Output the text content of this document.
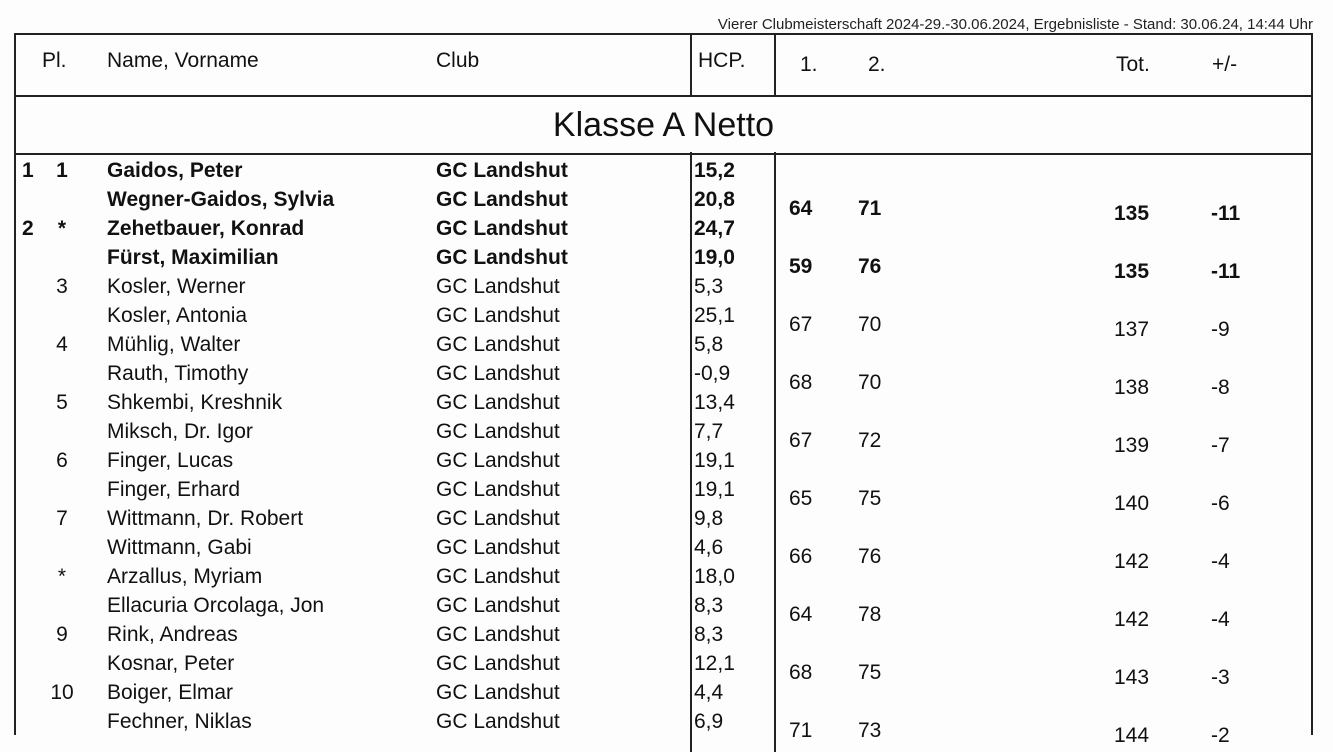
Vierer Clubmeisterschaft 2024-29.-30.06.2024, Ergebnisliste - Stand: 30.06.24, 14:44 Uhr
Pl. Name, Vorname	Club	HCP.	1. 2.	Tot.	+/-
Klasse A Netto
1 1 Gaidos, Peter	GC Landshut	15,2
Wegner-Gaidos, Sylvia	GC Landshut	20,8	64 71	135	-11
2	*	Zehetbauer, Konrad	GC Landshut	24,7
Fürst, Maximilian	GC Landshut	19,0	59 76	135	-11
3 Kosler, Werner	GC Landshut	5,3
Kosler, Antonia	GC Landshut	25,1	67 70	137	-9
4 Mühlig, Walter	GC Landshut	5,8
Rauth, Timothy	GC Landshut	-0,9	68 70	138	-8
5 Shkembi, Kreshnik	GC Landshut	13,4
Miksch, Dr. Igor	GC Landshut	7,7	67 72	139	-7
6 Finger, Lucas	GC Landshut	19,1
Finger, Erhard	GC Landshut	19,1	65 75	140	-6
7 Wittmann, Dr. Robert	GC Landshut	9,8
Wittmann, Gabi	GC Landshut	4,6	66 76	142	-4
*	Arzallus, Myriam	GC Landshut	18,0
Ellacuria Orcolaga, Jon	GC Landshut	8,3	64 78	142	-4
9 Rink, Andreas	GC Landshut	8,3
Kosnar, Peter	GC Landshut	12,1	68 75	143	-3
10 Boiger, Elmar	GC Landshut	4,4
Fechner, Niklas	GC Landshut	6,9	71 73	144	-2
